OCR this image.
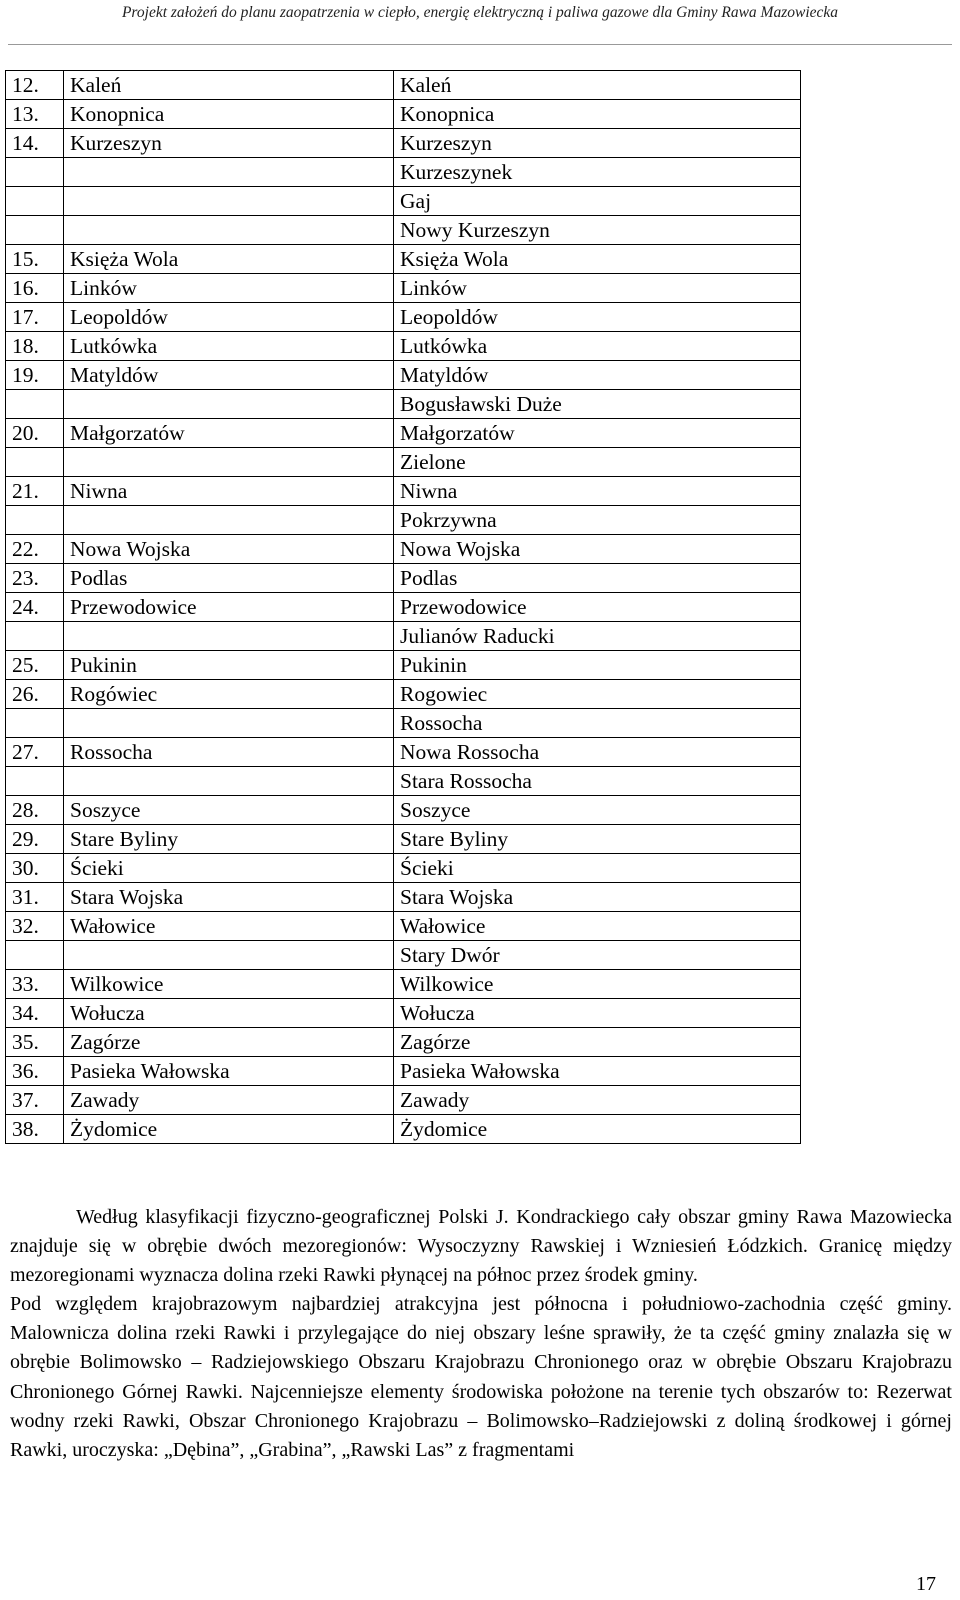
Projekt założeń do planu zaopatrzenia w ciepło, energię elektryczną i paliwa gazowe dla Gminy Rawa Mazowiecka
12.	Kaleń	Kaleń
13.	Konopnica	Konopnica
14.	Kurzeszyn	Kurzeszyn
		Kurzeszynek
		Gaj
		Nowy Kurzeszyn
15.	Księża Wola	Księża Wola
16.	Linków	Linków
17.	Leopoldów	Leopoldów
18.	Lutkówka	Lutkówka
19.	Matyldów	Matyldów
		Bogusławski Duże
20.	Małgorzatów	Małgorzatów
		Zielone
21.	Niwna	Niwna
		Pokrzywna
22.	Nowa Wojska	Nowa Wojska
23.	Podlas	Podlas
24.	Przewodowice	Przewodowice
		Julianów Raducki
25.	Pukinin	Pukinin
26.	Rogówiec	Rogowiec
		Rossocha
27.	Rossocha	Nowa Rossocha
		Stara Rossocha
28.	Soszyce	Soszyce
29.	Stare Byliny	Stare Byliny
30.	Ścieki	Ścieki
31.	Stara Wojska	Stara Wojska
32.	Wałowice	Wałowice
		Stary Dwór
33.	Wilkowice	Wilkowice
34.	Wołucza	Wołucza
35.	Zagórze	Zagórze
36.	Pasieka Wałowska	Pasieka Wałowska
37.	Zawady	Zawady
38.	Żydomice	Żydomice

Według klasyfikacji fizyczno-geograficznej Polski J. Kondrackiego cały obszar gminy Rawa Mazowiecka znajduje się w obrębie dwóch mezoregionów: Wysoczyzny Rawskiej i Wzniesień Łódzkich. Granicę między mezoregionami wyznacza dolina rzeki Rawki płynącej na północ przez środek gminy.

Pod względem krajobrazowym najbardziej atrakcyjna jest północna i południowo-zachodnia część gminy. Malownicza dolina rzeki Rawki i przylegające do niej obszary leśne sprawiły, że ta część gminy znalazła się w obrębie Bolimowsko – Radziejowskiego Obszaru Krajobrazu Chronionego oraz w obrębie Obszaru Krajobrazu Chronionego Górnej Rawki. Najcenniejsze elementy środowiska położone na terenie tych obszarów to: Rezerwat wodny rzeki Rawki, Obszar Chronionego Krajobrazu – Bolimowsko–Radziejowski z doliną środkowej i górnej Rawki, uroczyska: „Dębina”, „Grabina”, „Rawski Las” z fragmentami

17
